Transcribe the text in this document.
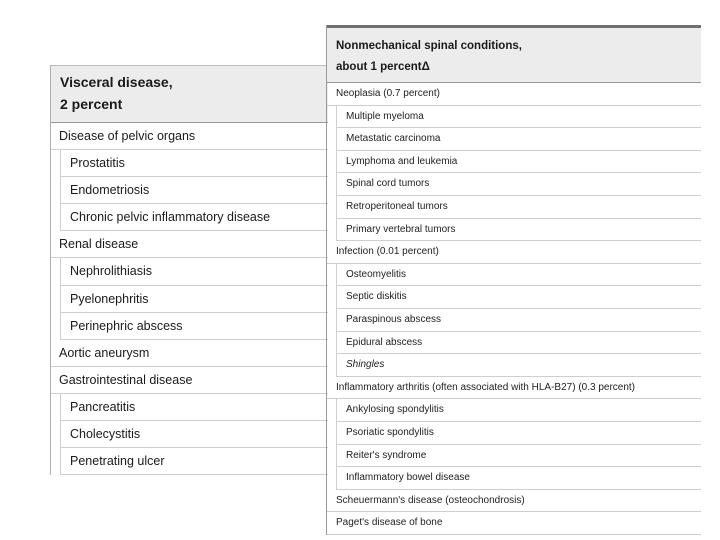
Visceral disease,
2 percent
Disease of pelvic organs
Prostatitis
Endometriosis
Chronic pelvic inflammatory disease
Renal disease
Nephrolithiasis
Pyelonephritis
Perinephric abscess
Aortic aneurysm
Gastrointestinal disease
Pancreatitis
Cholecystitis
Penetrating ulcer
Nonmechanical spinal conditions,
about 1 percentΔ
Neoplasia (0.7 percent)
Multiple myeloma
Metastatic carcinoma
Lymphoma and leukemia
Spinal cord tumors
Retroperitoneal tumors
Primary vertebral tumors
Infection (0.01 percent)
Osteomyelitis
Septic diskitis
Paraspinous abscess
Epidural abscess
Shingles
Inflammatory arthritis (often associated with HLA-B27) (0.3 percent)
Ankylosing spondylitis
Psoriatic spondylitis
Reiter's syndrome
Inflammatory bowel disease
Scheuermann's disease (osteochondrosis)
Paget's disease of bone
